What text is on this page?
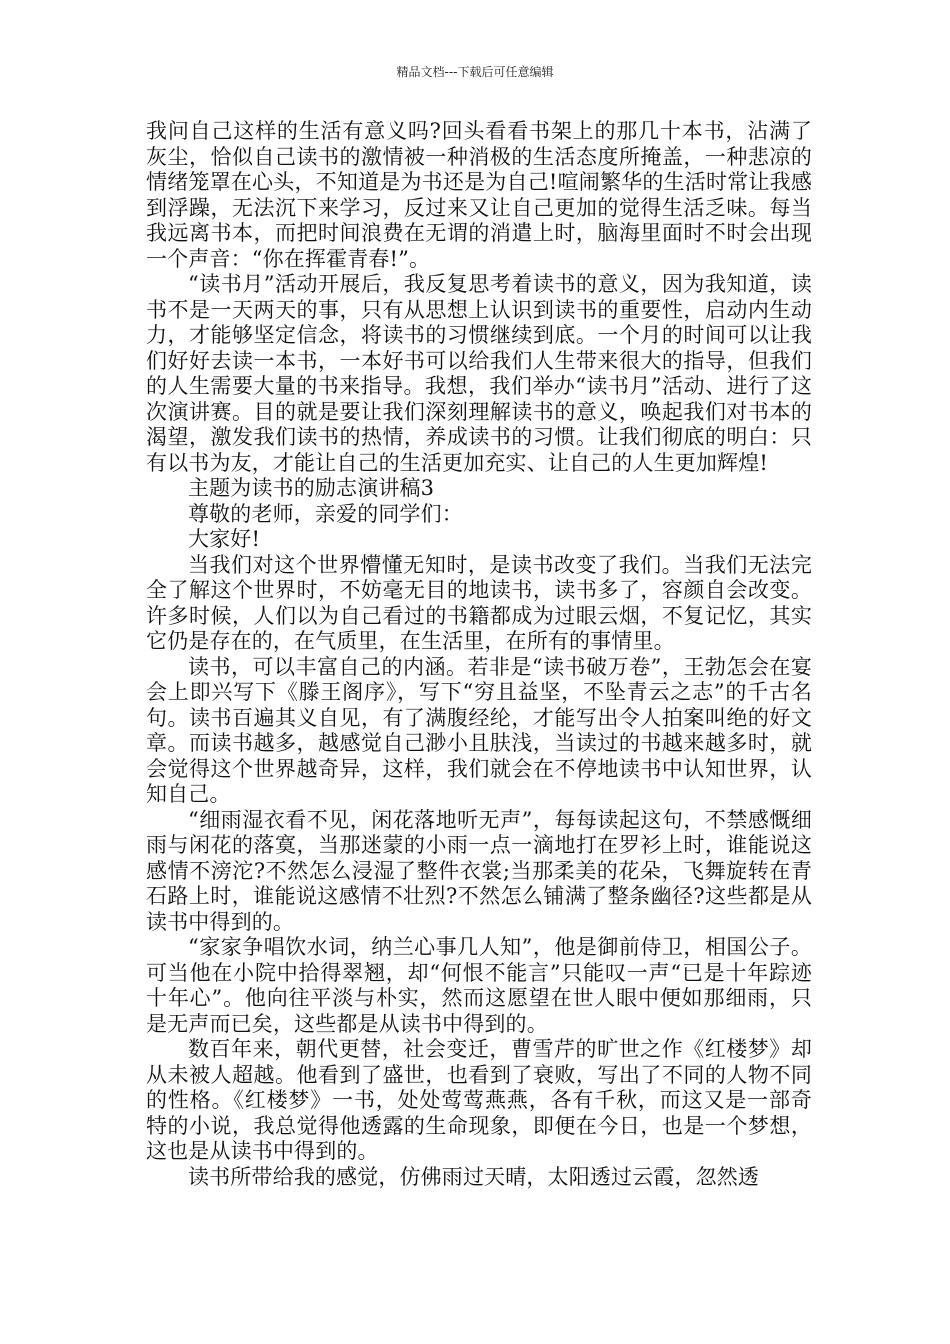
精品文档---下载后可任意编辑

我问自己这样的生活有意义吗?回头看看书架上的那几十本书，沾满了灰尘，恰似自己读书的激情被一种消极的生活态度所掩盖，一种悲凉的情绪笼罩在心头，不知道是为书还是为自己!喧闹繁华的生活时常让我感到浮躁，无法沉下来学习，反过来又让自己更加的觉得生活乏味。每当我远离书本，而把时间浪费在无谓的消遣上时，脑海里面时不时会出现一个声音：“你在挥霍青春!”。

“读书月”活动开展后，我反复思考着读书的意义，因为我知道，读书不是一天两天的事，只有从思想上认识到读书的重要性，启动内生动力，才能够坚定信念，将读书的习惯继续到底。一个月的时间可以让我们好好去读一本书，一本好书可以给我们人生带来很大的指导，但我们的人生需要大量的书来指导。我想，我们举办“读书月”活动、进行了这次演讲赛。目的就是要让我们深刻理解读书的意义，唤起我们对书本的渴望，激发我们读书的热情，养成读书的习惯。让我们彻底的明白：只有以书为友，才能让自己的生活更加充实、让自己的人生更加辉煌!

主题为读书的励志演讲稿3

尊敬的老师，亲爱的同学们：

大家好!

当我们对这个世界懵懂无知时，是读书改变了我们。当我们无法完全了解这个世界时，不妨毫无目的地读书，读书多了，容颜自会改变。许多时候，人们以为自己看过的书籍都成为过眼云烟，不复记忆，其实它仍是存在的，在气质里，在生活里，在所有的事情里。

读书，可以丰富自己的内涵。若非是“读书破万卷”，王勃怎会在宴会上即兴写下《滕王阁序》，写下“穷且益坚，不坠青云之志”的千古名句。读书百遍其义自见，有了满腹经纶，才能写出令人拍案叫绝的好文章。而读书越多，越感觉自己渺小且肤浅，当读过的书越来越多时，就会觉得这个世界越奇异，这样，我们就会在不停地读书中认知世界，认知自己。

“细雨湿衣看不见，闲花落地听无声”，每每读起这句，不禁感慨细雨与闲花的落寞，当那迷蒙的小雨一点一滴地打在罗衫上时，谁能说这感情不滂沱?不然怎么浸湿了整件衣裳;当那柔美的花朵，飞舞旋转在青石路上时，谁能说这感情不壮烈?不然怎么铺满了整条幽径?这些都是从读书中得到的。

“家家争唱饮水词，纳兰心事几人知”，他是御前侍卫，相国公子。可当他在小院中拾得翠翘，却“何恨不能言”只能叹一声“已是十年踪迹十年心”。他向往平淡与朴实，然而这愿望在世人眼中便如那细雨，只是无声而已矣，这些都是从读书中得到的。

数百年来，朝代更替，社会变迁，曹雪芹的旷世之作《红楼梦》却从未被人超越。他看到了盛世，也看到了衰败，写出了不同的人物不同的性格。《红楼梦》一书，处处莺莺燕燕，各有千秋，而这又是一部奇特的小说，我总觉得他透露的生命现象，即便在今日，也是一个梦想，这也是从读书中得到的。

读书所带给我的感觉，仿佛雨过天晴，太阳透过云霞，忽然透
